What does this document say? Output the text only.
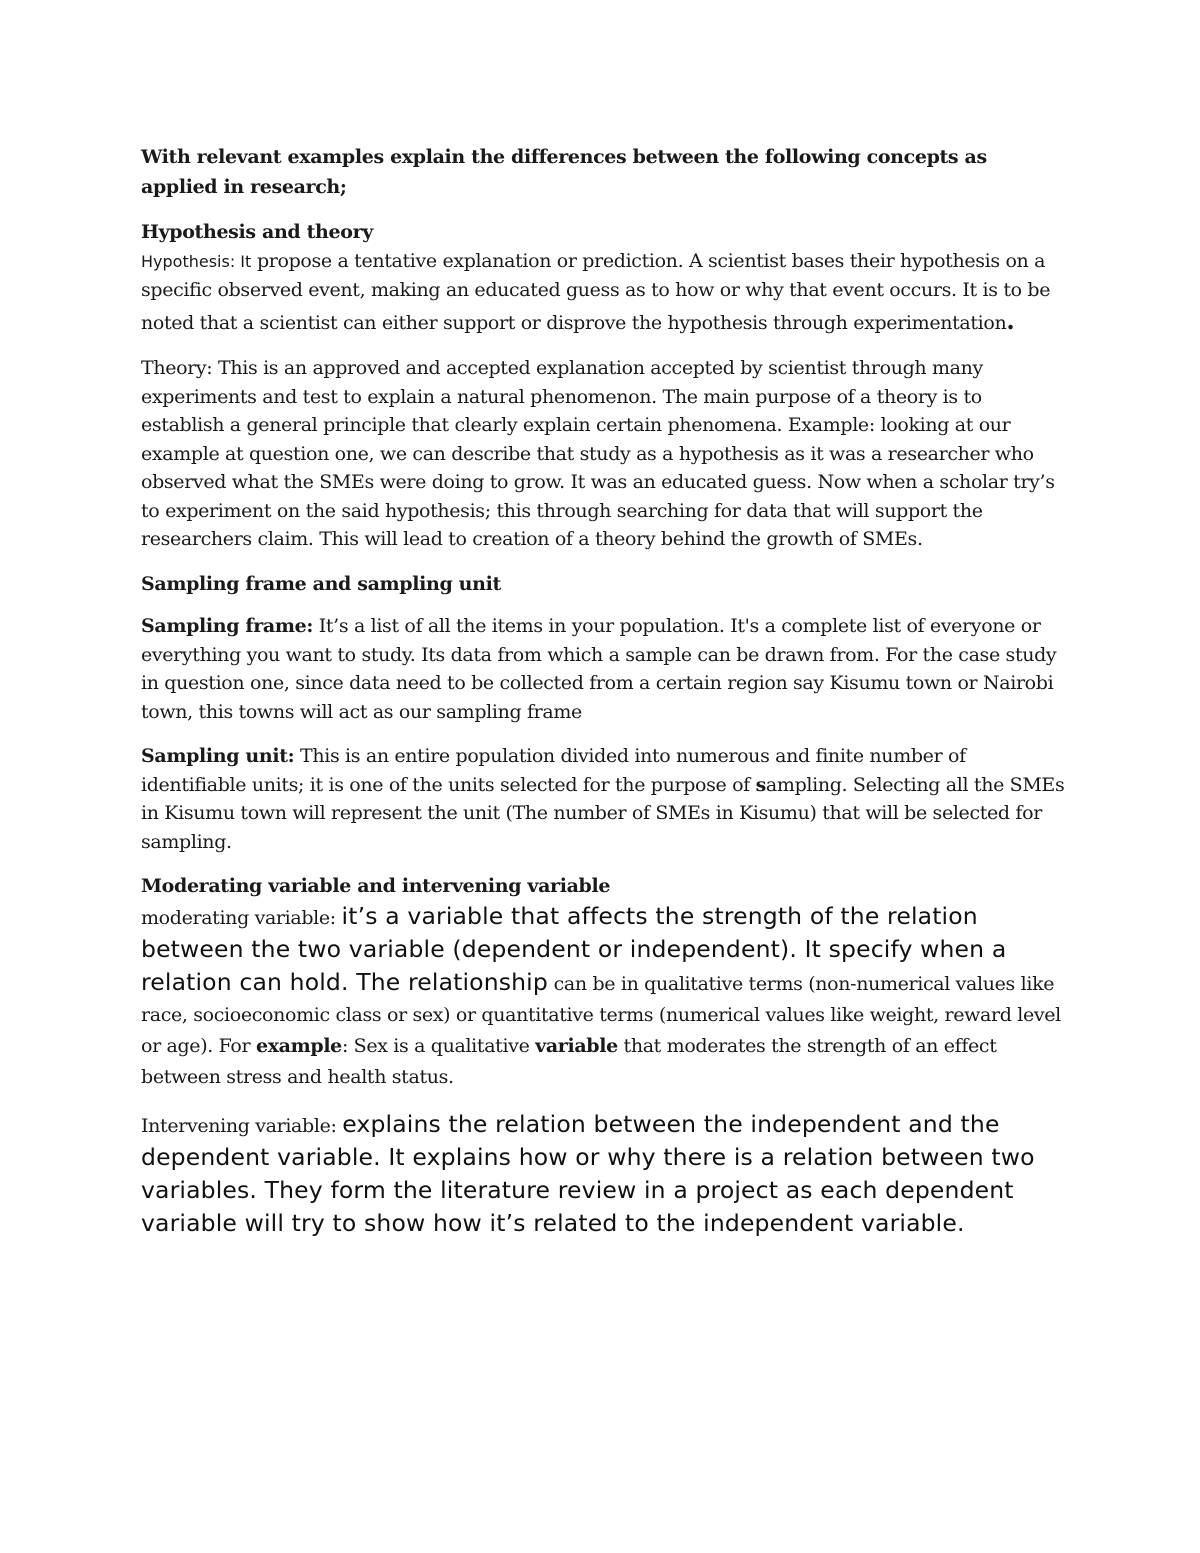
With relevant examples explain the differences between the following concepts as applied in research;

Hypothesis and theory

Hypothesis: It propose a tentative explanation or prediction. A scientist bases their hypothesis on a specific observed event, making an educated guess as to how or why that event occurs. It is to be noted that a scientist can either support or disprove the hypothesis through experimentation.

Theory: This is an approved and accepted explanation accepted by scientist through many experiments and test to explain a natural phenomenon. The main purpose of a theory is to establish a general principle that clearly explain certain phenomena. Example: looking at our example at question one, we can describe that study as a hypothesis as it was a researcher who observed what the SMEs were doing to grow. It was an educated guess. Now when a scholar try’s to experiment on the said hypothesis; this through searching for data that will support the researchers claim. This will lead to creation of a theory behind the growth of SMEs.

Sampling frame and sampling unit

Sampling frame: It’s a list of all the items in your population. It's a complete list of everyone or everything you want to study. Its data from which a sample can be drawn from. For the case study in question one, since data need to be collected from a certain region say Kisumu town or Nairobi town, this towns will act as our sampling frame

Sampling unit: This is an entire population divided into numerous and finite number of identifiable units; it is one of the units selected for the purpose of sampling. Selecting all the SMEs in Kisumu town will represent the unit (The number of SMEs in Kisumu) that will be selected for sampling.

Moderating variable and intervening variable

moderating variable: it’s a variable that affects the strength of the relation between the two variable (dependent or independent). It specify when a relation can hold. The relationship can be in qualitative terms (non-numerical values like race, socioeconomic class or sex) or quantitative terms (numerical values like weight, reward level or age). For example: Sex is a qualitative variable that moderates the strength of an effect between stress and health status.

Intervening variable: explains the relation between the independent and the dependent variable. It explains how or why there is a relation between two variables. They form the literature review in a project as each dependent variable will try to show how it’s related to the independent variable.
